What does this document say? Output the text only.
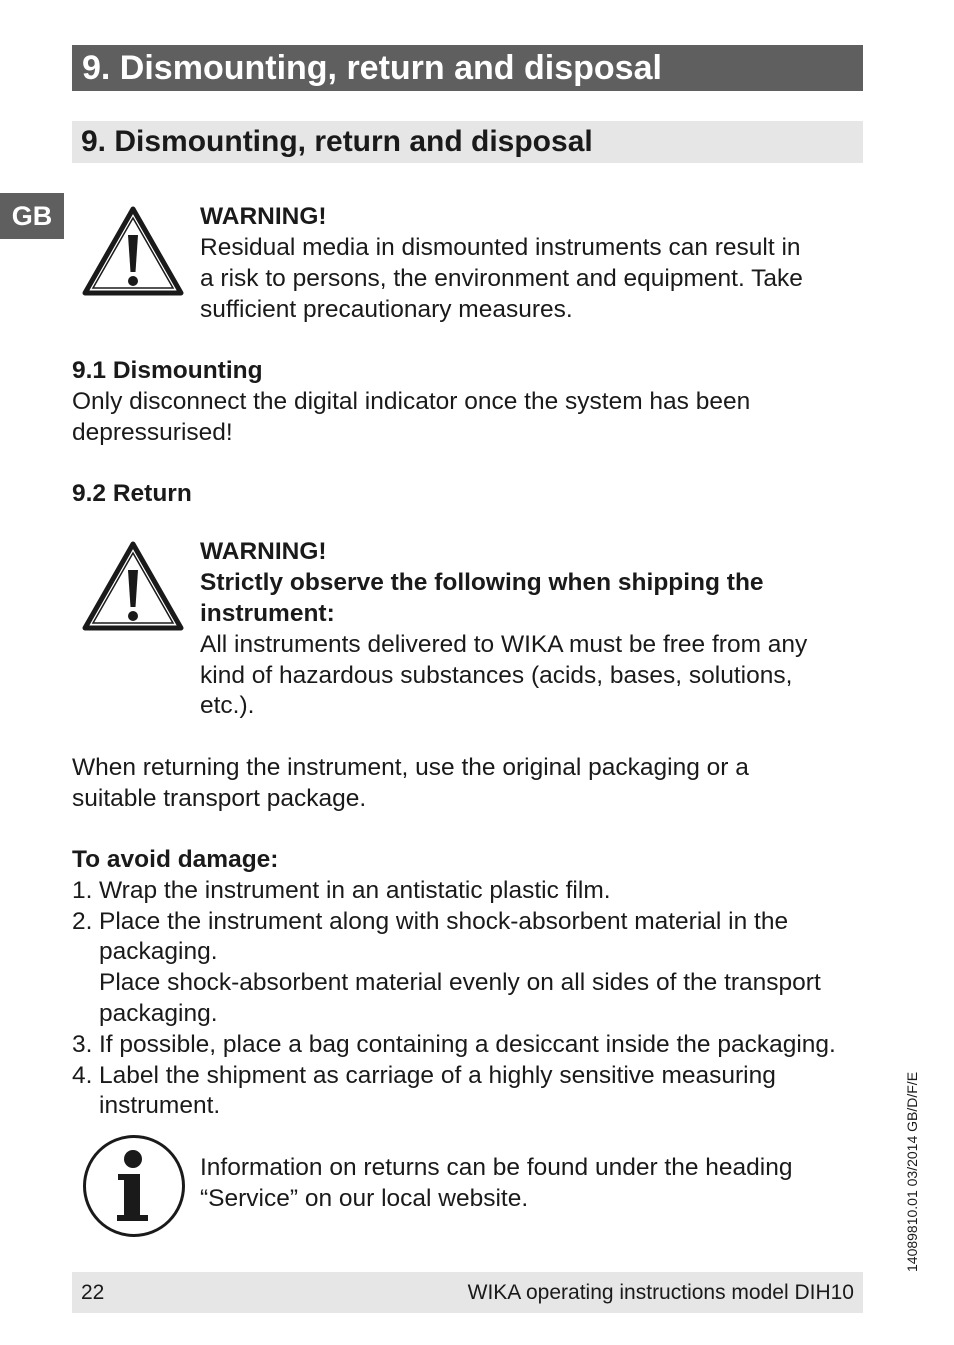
9. Dismounting, return and disposal
9. Dismounting, return and disposal
GB	WARNING!
Residual media in dismounted instruments can result in
a risk to persons, the environment and equipment. Take
sufficient precautionary measures.
9.1 Dismounting
Only disconnect the digital indicator once the system has been
depressurised!
9.2 Return
WARNING!
Strictly observe the following when shipping the
instrument:
All instruments delivered to WIKA must be free from any
kind of hazardous substances (acids, bases, solutions,
etc.).
When returning the instrument, use the original packaging or a
suitable transport package.
To avoid damage:
1. Wrap the instrument in an antistatic plastic film.
2. Place the instrument along with shock-absorbent material in the
packaging.
Place shock-absorbent material evenly on all sides of the transport
packaging.
3. If possible, place a bag containing a desiccant inside the packaging.
4. Label the shipment as carriage of a highly sensitive measuring
instrument.
Information on returns can be found under the heading
“Service” on our local website.
22	WIKA operating instructions model DIH10
14089810.01 03/2014 GB/D/F/E
